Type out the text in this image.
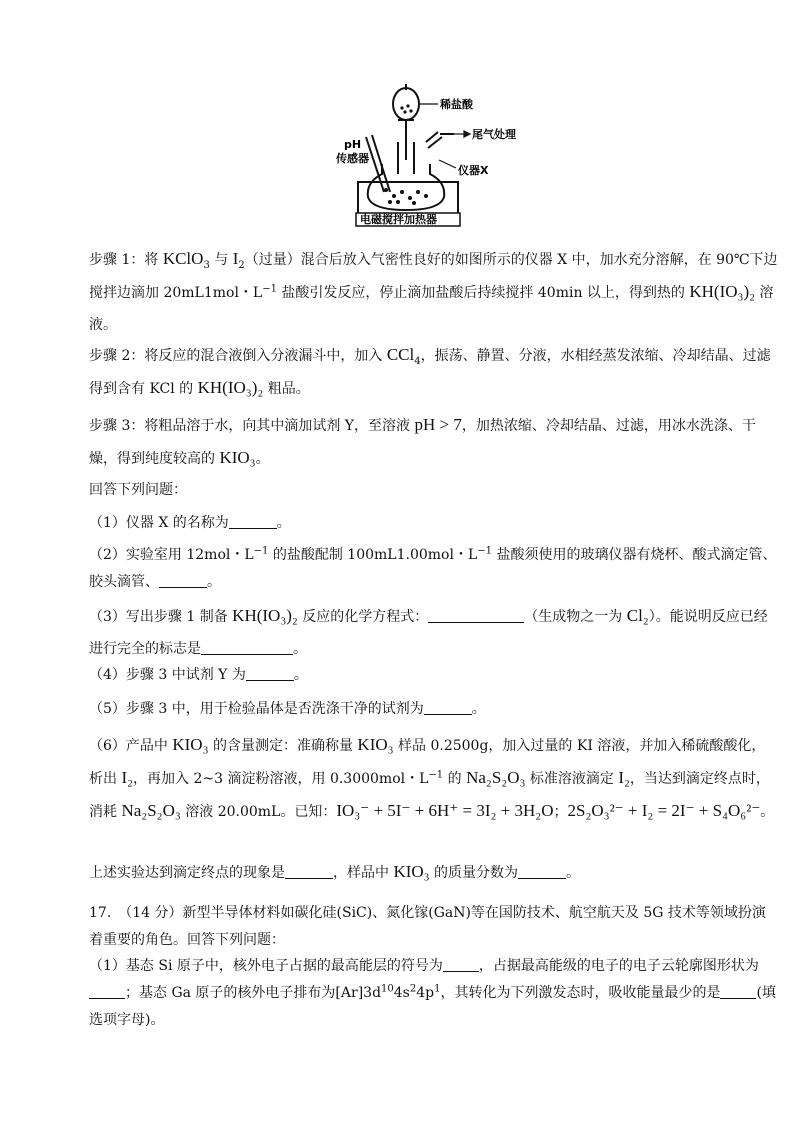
稀盐酸
尾气处理
pH
传感器
仪器X
电磁搅拌加热器

步骤 1：将 KClO$_3$ 与 $I_2$（过量）混合后放入气密性良好的如图所示的仪器 X 中，加水充分溶解，在 90℃下边搅拌边滴加 20mL1mol・$L^{-1}$ 盐酸引发反应，停止滴加盐酸后持续搅拌 40min 以上，得到热的 KH(IO₃)₂ 溶液。

步骤 2：将反应的混合液倒入分液漏斗中，加入 CCl$_4$，振荡、静置、分液，水相经蒸发浓缩、冷却结晶、过滤得到含有 KCl 的 KH(IO₃)₂ 粗品。

步骤 3：将粗品溶于水，向其中滴加试剂 Y，至溶液 pH > 7，加热浓缩、冷却结晶、过滤，用冰水洗涤、干燥，得到纯度较高的 KIO₃。

回答下列问题：

（1）仪器 X 的名称为	。

（2）实验室用 12mol・$L^{-1}$ 的盐酸配制 100mL1.00mol・$L^{-1}$ 盐酸须使用的玻璃仪器有烧杯、酸式滴定管、胶头滴管、	。

（3）写出步骤 1 制备 KH(IO₃)₂ 反应的化学方程式：	（生成物之一为 Cl₂）。能说明反应已经进行完全的标志是	。

（4）步骤 3 中试剂 Y 为	。

（5）步骤 3 中，用于检验晶体是否洗涤干净的试剂为	。

（6）产品中 KIO₃ 的含量测定：准确称量 KIO₃ 样品 0.2500g，加入过量的 KI 溶液，并加入稀硫酸酸化，析出 I₂，再加入 2~3 滴淀粉溶液，用 0.3000mol・$L^{-1}$ 的 Na₂S₂O₃ 标准溶液滴定 I₂，当达到滴定终点时，消耗 Na₂S₂O₃ 溶液 20.00mL。已知：IO₃⁻ + 5I⁻ + 6H⁺ = 3I₂ + 3H₂O；2S₂O₃²⁻ + I₂ = 2I⁻ + S₄O₆²⁻。

上述实验达到滴定终点的现象是	，样品中 KIO₃ 的质量分数为	。

17.　（14 分）新型半导体材料如碳化硅(SiC)、氮化镓(GaN)等在国防技术、航空航天及 5G 技术等领域扮演着重要的角色。回答下列问题：

（1）基态 Si 原子中，核外电子占据的最高能层的符号为	，占据最高能级的电子的电子云轮廓图形状为；基态 Ga 原子的核外电子排布为$[Ar]3d^{10}4s^24p^1$，其转化为下列激发态时，吸收能量最少的是	(填选项字母)。
